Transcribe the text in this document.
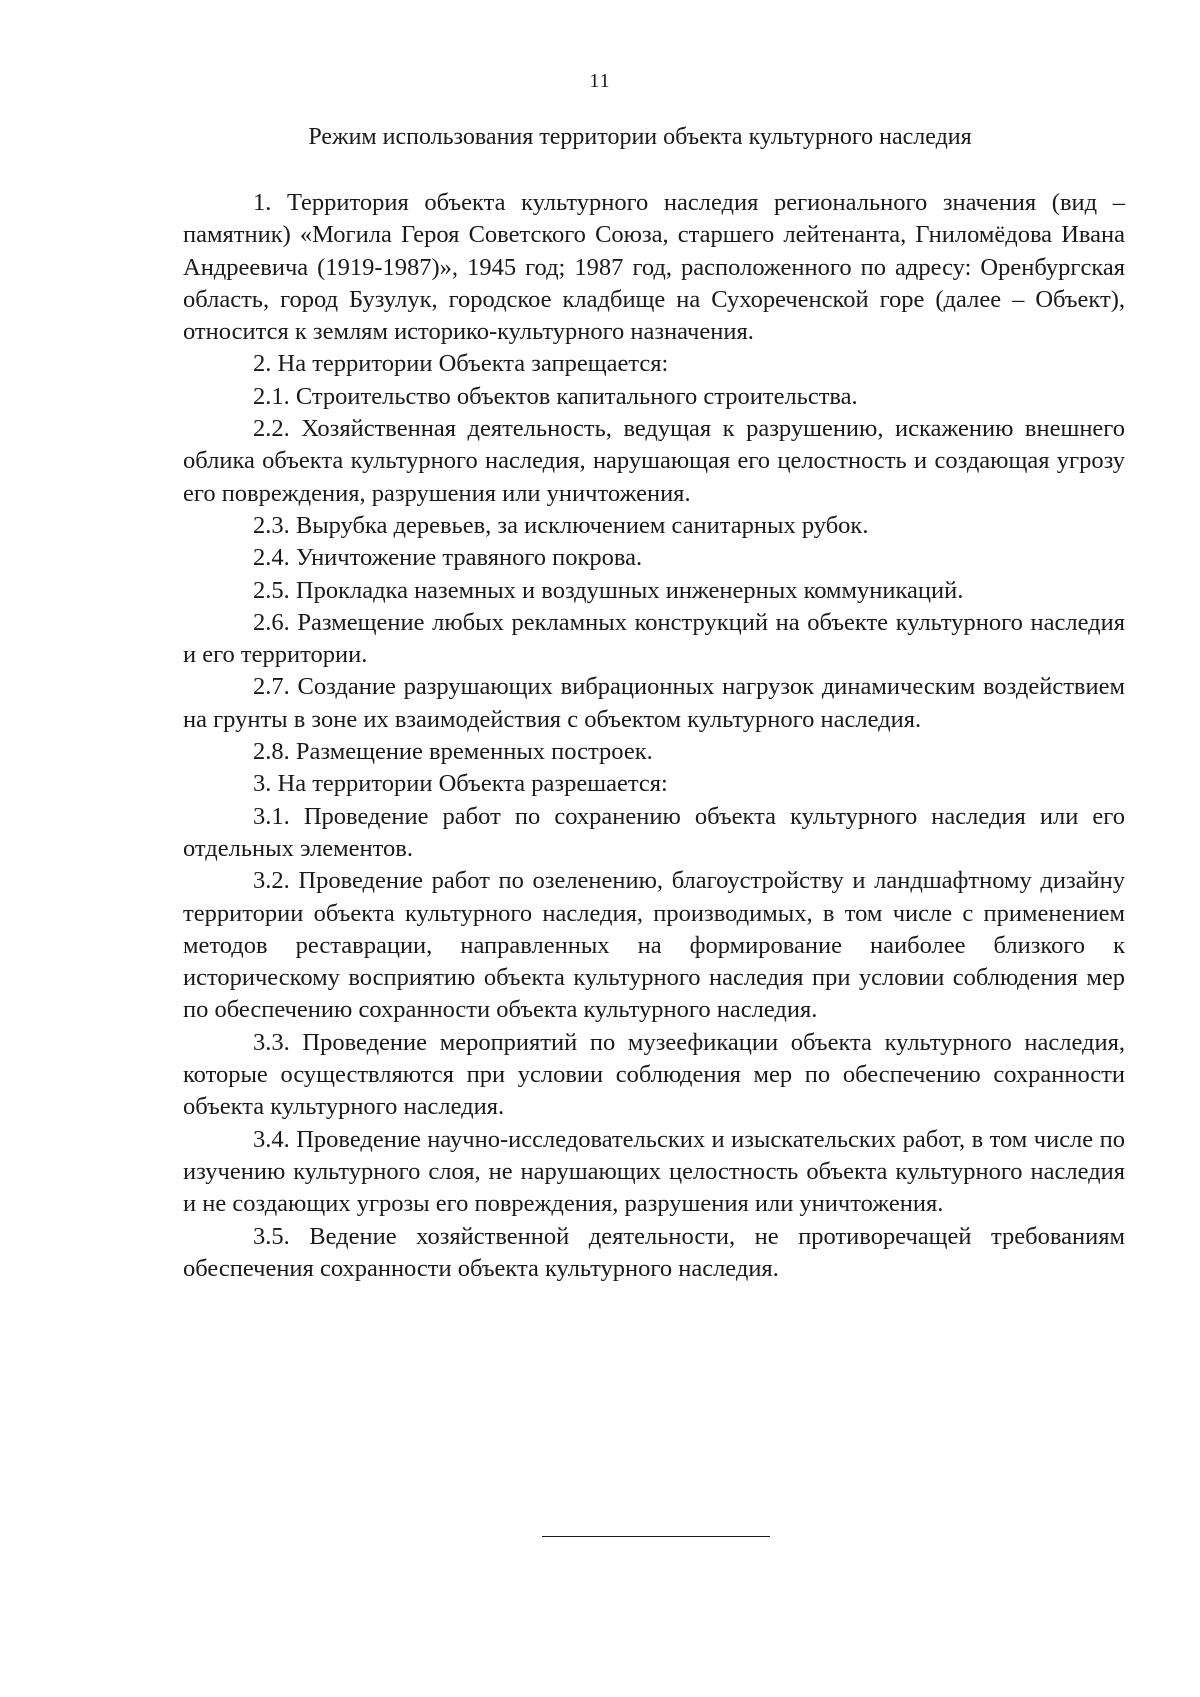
11
Режим использования территории объекта культурного наследия

1. Территория объекта культурного наследия регионального значения (вид – памятник) «Могила Героя Советского Союза, старшего лейтенанта, Гниломёдова Ивана Андреевича (1919-1987)», 1945 год; 1987 год, расположенного по адресу: Оренбургская область, город Бузулук, городское кладбище на Сухореченской горе (далее – Объект), относится к землям историко-культурного назначения.

2. На территории Объекта запрещается:

2.1. Строительство объектов капитального строительства.

2.2. Хозяйственная деятельность, ведущая к разрушению, искажению внешнего облика объекта культурного наследия, нарушающая его целостность и создающая угрозу его повреждения, разрушения или уничтожения.

2.3. Вырубка деревьев, за исключением санитарных рубок.

2.4. Уничтожение травяного покрова.

2.5. Прокладка наземных и воздушных инженерных коммуникаций.

2.6. Размещение любых рекламных конструкций на объекте культурного наследия и его территории.

2.7. Создание разрушающих вибрационных нагрузок динамическим воздействием на грунты в зоне их взаимодействия с объектом культурного наследия.

2.8. Размещение временных построек.

3. На территории Объекта разрешается:

3.1. Проведение работ по сохранению объекта культурного наследия или его отдельных элементов.

3.2. Проведение работ по озеленению, благоустройству и ландшафтному дизайну территории объекта культурного наследия, производимых, в том числе с применением методов реставрации, направленных на формирование наиболее близкого к историческому восприятию объекта культурного наследия при условии соблюдения мер по обеспечению сохранности объекта культурного наследия.

3.3. Проведение мероприятий по музеефикации объекта культурного наследия, которые осуществляются при условии соблюдения мер по обеспечению сохранности объекта культурного наследия.

3.4. Проведение научно-исследовательских и изыскательских работ, в том числе по изучению культурного слоя, не нарушающих целостность объекта культурного наследия и не создающих угрозы его повреждения, разрушения или уничтожения.

3.5. Ведение хозяйственной деятельности, не противоречащей требованиям обеспечения сохранности объекта культурного наследия.
